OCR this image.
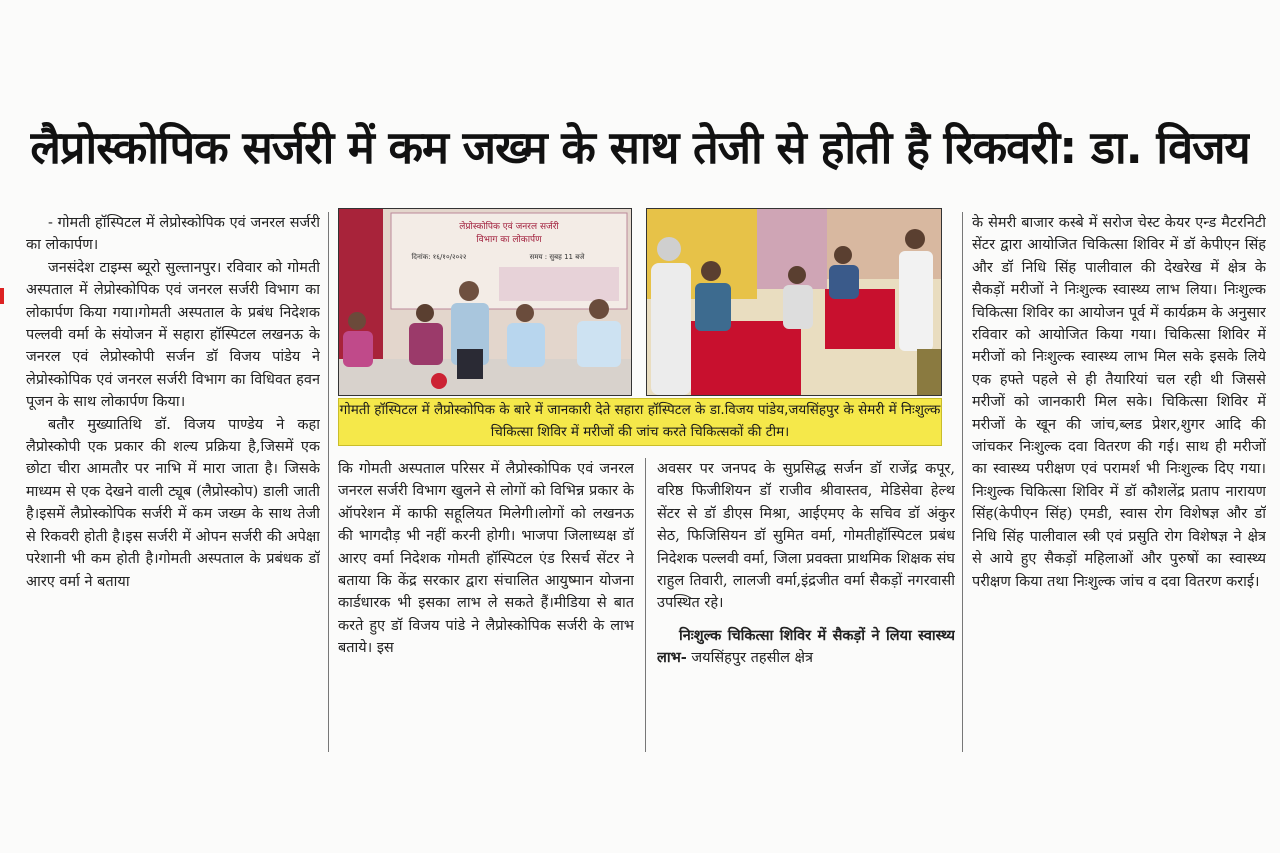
लैप्रोस्कोपिक सर्जरी में कम जख्म के साथ तेजी से होती है रिकवरी: डा. विजय

- गोमती हॉस्पिटल में लेप्रोस्कोपिक एवं जनरल सर्जरी का लोकार्पण।

जनसंदेश टाइम्स ब्यूरो सुल्तानपुर। रविवार को गोमती अस्पताल में लेप्रोस्कोपिक एवं जनरल सर्जरी विभाग का लोकार्पण किया गया।गोमती अस्पताल के प्रबंध निदेशक पल्लवी वर्मा के संयोजन में सहारा हॉस्पिटल लखनऊ के जनरल एवं लेप्रोस्कोपी सर्जन डॉ विजय पांडेय ने लेप्रोस्कोपिक एवं जनरल सर्जरी विभाग का विधिवत हवन पूजन के साथ लोकार्पण किया।

बतौर मुख्यातिथि डॉ. विजय पाण्डेय ने कहा लैप्रोस्कोपी एक प्रकार की शल्य प्रक्रिया है,जिसमें एक छोटा चीरा आमतौर पर नाभि में मारा जाता है। जिसके माध्यम से एक देखने वाली ट्यूब (लैप्रोस्कोप) डाली जाती है।इसमें लैप्रोस्कोपिक सर्जरी में कम जख्म के साथ तेजी से रिकवरी होती है।इस सर्जरी में ओपन सर्जरी की अपेक्षा परेशानी भी कम होती है।गोमती अस्पताल के प्रबंधक डॉ आरए वर्मा ने बताया

लेप्रोस्कोपिक एवं जनरल सर्जरी
विभाग का लोकार्पण
दिनांक: १६/१०/२०२२	समय : सुबह 11 बजे
गोमती हॉस्पिटल में लैप्रोस्कोपिक के बारे में जानकारी देते सहारा हॉस्पिटल के डा.विजय पांडेय,जयसिंहपुर के सेमरी में निःशुल्क चिकित्सा शिविर में मरीजों की जांच करते चिकित्सकों की टीम।

कि गोमती अस्पताल परिसर में लैप्रोस्कोपिक एवं जनरल जनरल सर्जरी विभाग खुलने से लोगों को विभिन्न प्रकार के ऑपरेशन में काफी सहूलियत मिलेगी।लोगों को लखनऊ की भागदौड़ भी नहीं करनी होगी। भाजपा जिलाध्यक्ष डॉ आरए वर्मा निदेशक गोमती हॉस्पिटल एंड रिसर्च सेंटर ने बताया कि केंद्र सरकार द्वारा संचालित आयुष्मान योजना कार्डधारक भी इसका लाभ ले सकते हैं।मीडिया से बात करते हुए डॉ विजय पांडे ने लैप्रोस्कोपिक सर्जरी के लाभ बताये। इस

अवसर पर जनपद के सुप्रसिद्ध सर्जन डॉ राजेंद्र कपूर, वरिष्ठ फिजीशियन डॉ राजीव श्रीवास्तव, मेडिसेवा हेल्थ सेंटर से डॉ डीएस मिश्रा, आईएमए के सचिव डॉ अंकुर सेठ, फिजिसियन डॉ सुमित वर्मा, गोमतीहॉस्पिटल प्रबंध निदेशक पल्लवी वर्मा, जिला प्रवक्ता प्राथमिक शिक्षक संघ राहुल तिवारी, लालजी वर्मा,इंद्रजीत वर्मा सैकड़ों नगरवासी उपस्थित रहे।

निःशुल्क चिकित्सा शिविर में सैकड़ों ने लिया स्वास्थ्य लाभ- जयसिंहपुर तहसील क्षेत्र

के सेमरी बाजार कस्बे में सरोज चेस्ट केयर एन्ड मैटरनिटी सेंटर द्वारा आयोजित चिकित्सा शिविर में डॉ केपीएन सिंह और डॉ निधि सिंह पालीवाल की देखरेख में क्षेत्र के सैकड़ों मरीजों ने निःशुल्क स्वास्थ्य लाभ लिया। निःशुल्क चिकित्सा शिविर का आयोजन पूर्व में कार्यक्रम के अनुसार रविवार को आयोजित किया गया। चिकित्सा शिविर में मरीजों को निःशुल्क स्वास्थ्य लाभ मिल सके इसके लिये एक हफ्ते पहले से ही तैयारियां चल रही थी जिससे मरीजों को जानकारी मिल सके। चिकित्सा शिविर में मरीजों के खून की जांच,ब्लड प्रेशर,शुगर आदि की जांचकर निःशुल्क दवा वितरण की गई। साथ ही मरीजों का स्वास्थ्य परीक्षण एवं परामर्श भी निःशुल्क दिए गया।निःशुल्क चिकित्सा शिविर में डॉ कौशलेंद्र प्रताप नारायण सिंह(केपीएन सिंह) एमडी, स्वास रोग विशेषज्ञ और डॉ निधि सिंह पालीवाल स्त्री एवं प्रसुति रोग विशेषज्ञ ने क्षेत्र से आये हुए सैकड़ों महिलाओं और पुरुषों का स्वास्थ्य परीक्षण किया तथा निःशुल्क जांच व दवा वितरण कराई।
